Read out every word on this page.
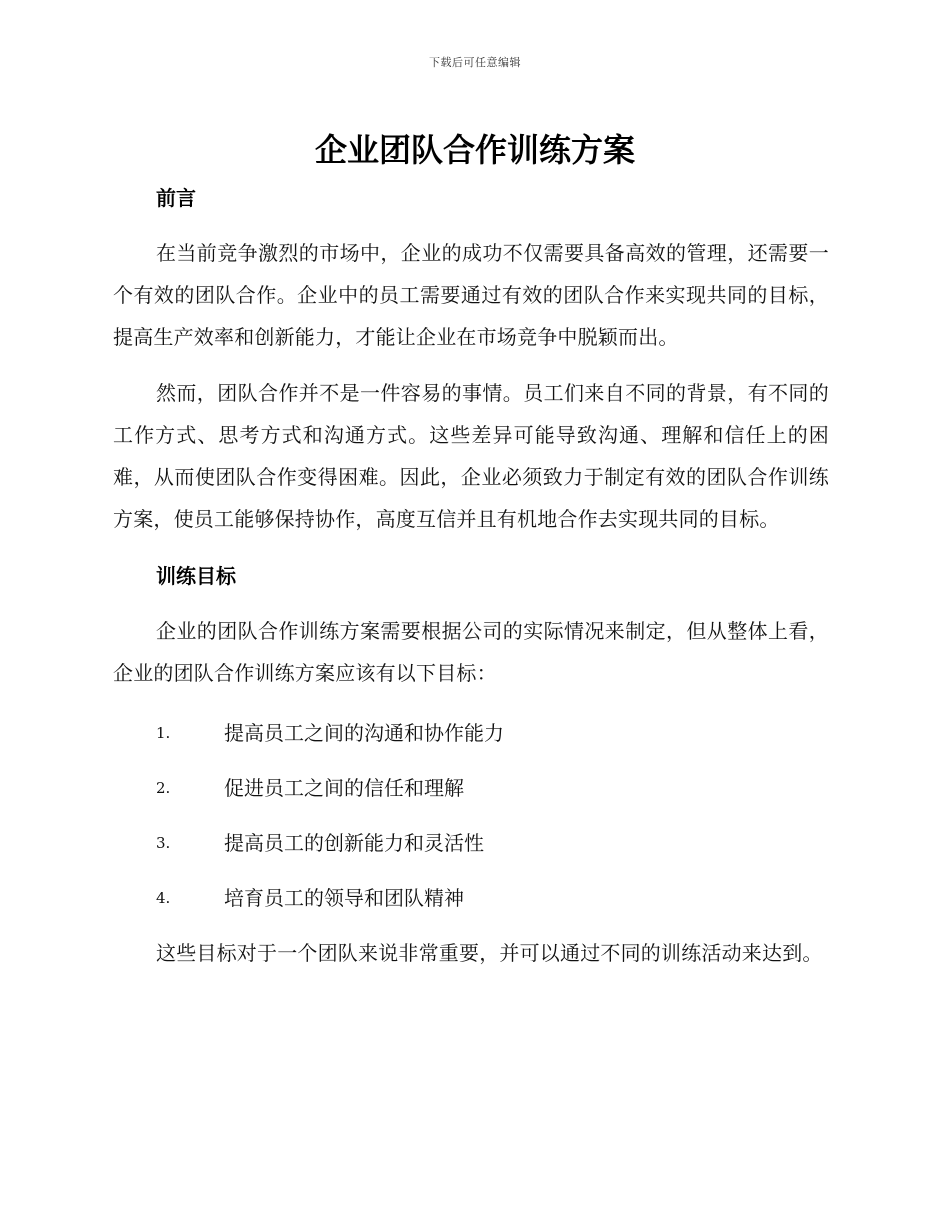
下载后可任意编辑
企业团队合作训练方案
前言

在当前竞争激烈的市场中，企业的成功不仅需要具备高效的管理，还需要一个有效的团队合作。企业中的员工需要通过有效的团队合作来实现共同的目标，提高生产效率和创新能力，才能让企业在市场竞争中脱颖而出。

然而，团队合作并不是一件容易的事情。员工们来自不同的背景，有不同的工作方式、思考方式和沟通方式。这些差异可能导致沟通、理解和信任上的困难，从而使团队合作变得困难。因此，企业必须致力于制定有效的团队合作训练方案，使员工能够保持协作，高度互信并且有机地合作去实现共同的目标。

训练目标

企业的团队合作训练方案需要根据公司的实际情况来制定，但从整体上看，企业的团队合作训练方案应该有以下目标：

1.	提高员工之间的沟通和协作能力
2.	促进员工之间的信任和理解
3.	提高员工的创新能力和灵活性
4.	培育员工的领导和团队精神

这些目标对于一个团队来说非常重要，并可以通过不同的训练活动来达到。
